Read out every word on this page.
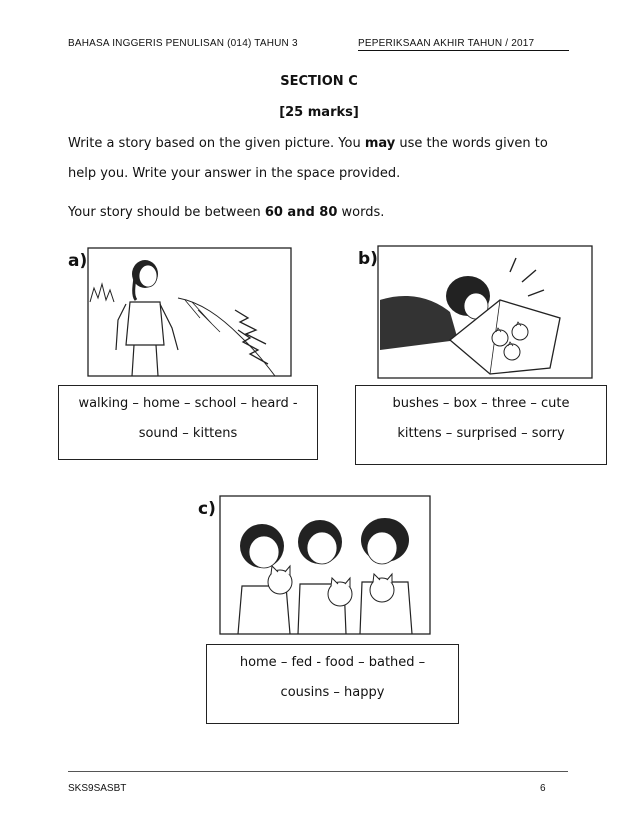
BAHASA INGGERIS PENULISAN (014) TAHUN 3	PEPERIKSAAN AKHIR TAHUN / 2017
SECTION C
[25 marks]
Write a story based on the given picture. You may use the words given to
help you. Write your answer in the space provided.
Your story should be between 60 and 80 words.
a)	b)
walking – home – school – heard -
sound – kittens
bushes – box – three – cute
kittens – surprised – sorry
c)
home – fed - food – bathed –
cousins – happy
SKS9SASBT	6
